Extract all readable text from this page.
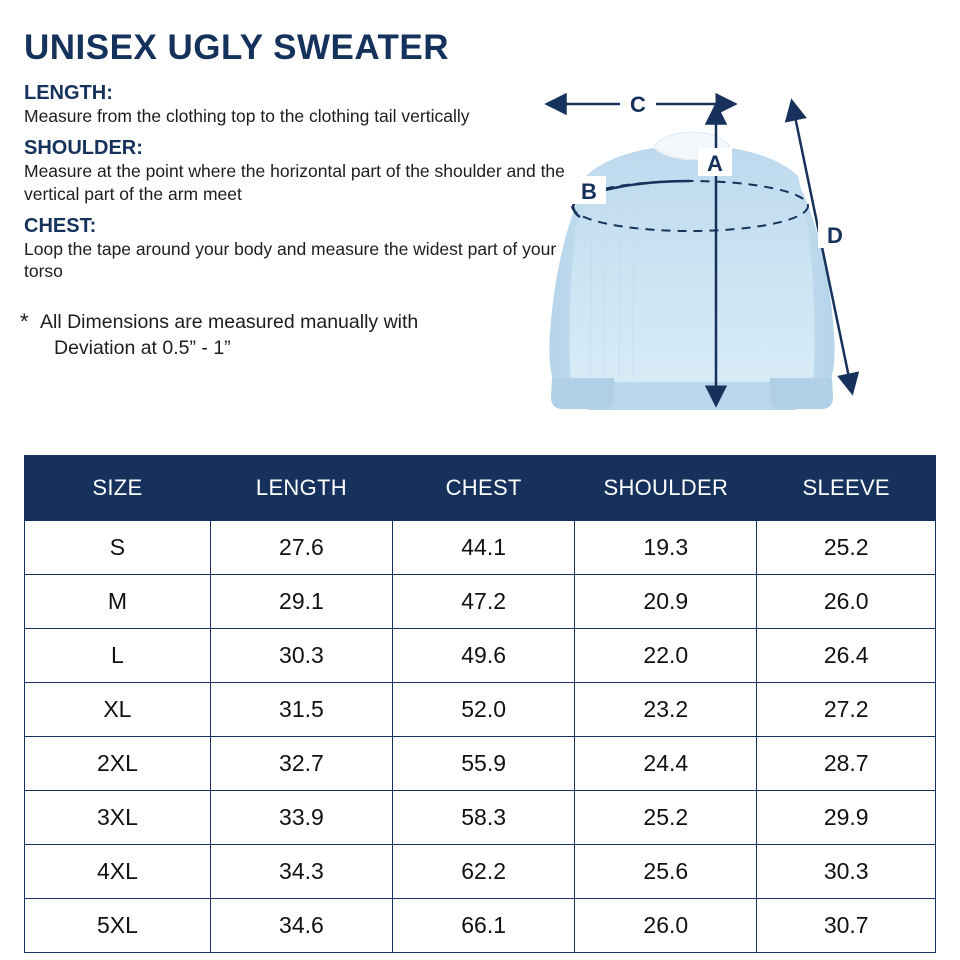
UNISEX UGLY SWEATER
LENGTH:
Measure from the clothing top to the clothing tail vertically
SHOULDER:
Measure at the point where the horizontal part of the shoulder and the vertical part of the arm meet
CHEST:
Loop the tape around your body and measure the widest part of your torso
* All Dimensions are measured manually with
Deviation at 0.5” - 1”
C
A
B
D
SIZE	LENGTH	CHEST	SHOULDER	SLEEVE
S	27.6	44.1	19.3	25.2
M	29.1	47.2	20.9	26.0
L	30.3	49.6	22.0	26.4
XL	31.5	52.0	23.2	27.2
2XL	32.7	55.9	24.4	28.7
3XL	33.9	58.3	25.2	29.9
4XL	34.3	62.2	25.6	30.3
5XL	34.6	66.1	26.0	30.7
